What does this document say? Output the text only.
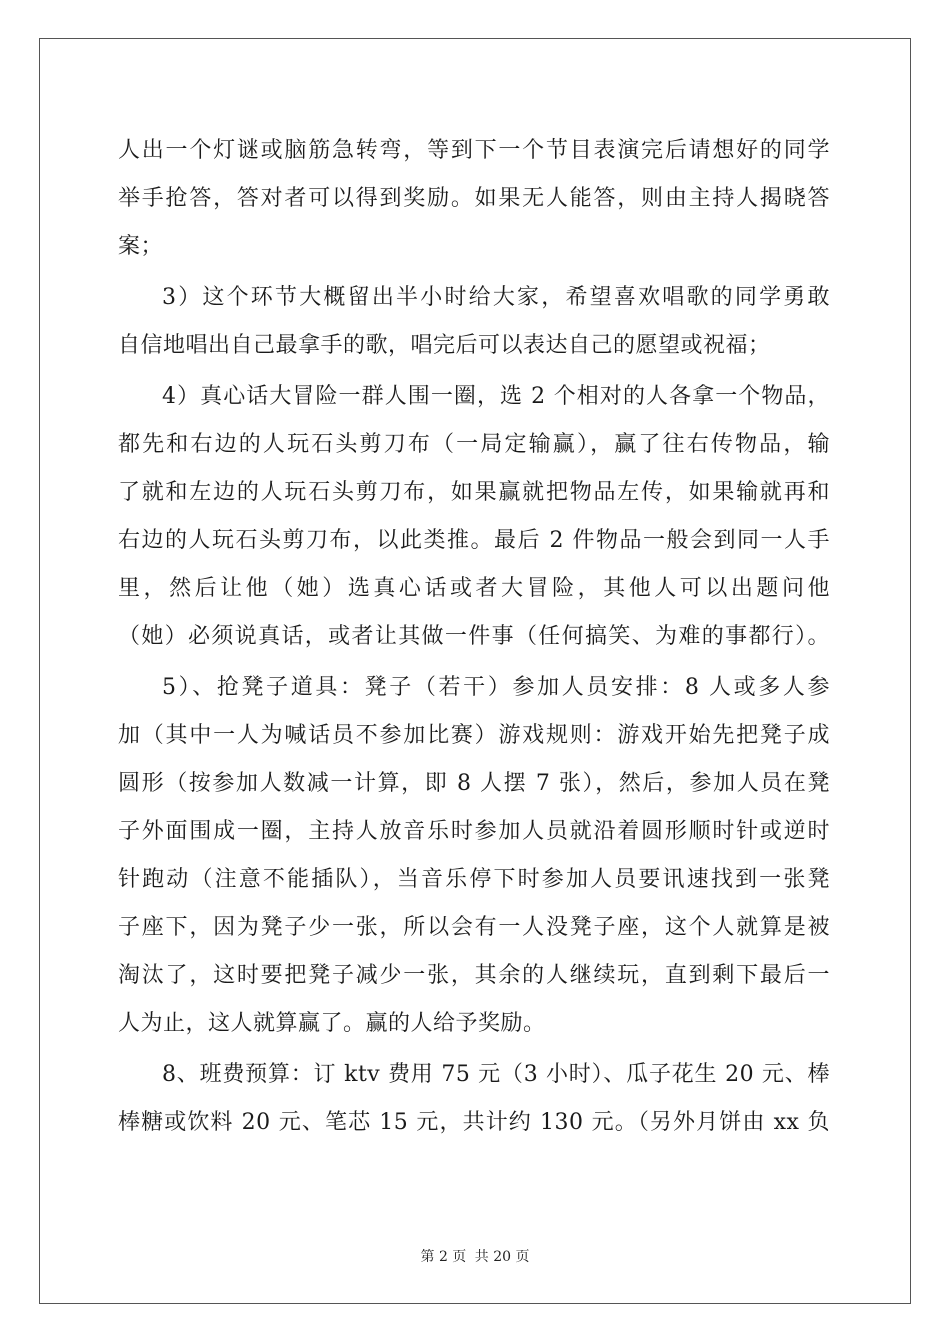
人出一个灯谜或脑筋急转弯，等到下一个节目表演完后请想好的同学
举手抢答，答对者可以得到奖励。如果无人能答，则由主持人揭晓答
案；
3）这个环节大概留出半小时给大家，希望喜欢唱歌的同学勇敢
自信地唱出自己最拿手的歌，唱完后可以表达自己的愿望或祝福；
4）真心话大冒险一群人围一圈，选 2 个相对的人各拿一个物品，
都先和右边的人玩石头剪刀布（一局定输赢），赢了往右传物品，输
了就和左边的人玩石头剪刀布，如果赢就把物品左传，如果输就再和
右边的人玩石头剪刀布，以此类推。最后 2 件物品一般会到同一人手
里，然后让他（她）选真心话或者大冒险，其他人可以出题问他
（她）必须说真话，或者让其做一件事（任何搞笑、为难的事都行）。
5）、抢凳子道具：凳子（若干）参加人员安排：8 人或多人参
加（其中一人为喊话员不参加比赛）游戏规则：游戏开始先把凳子成
圆形（按参加人数减一计算，即 8 人摆 7 张），然后，参加人员在凳
子外面围成一圈，主持人放音乐时参加人员就沿着圆形顺时针或逆时
针跑动（注意不能插队），当音乐停下时参加人员要讯速找到一张凳
子座下，因为凳子少一张，所以会有一人没凳子座，这个人就算是被
淘汰了，这时要把凳子减少一张，其余的人继续玩，直到剩下最后一
人为止，这人就算赢了。赢的人给予奖励。
8、班费预算：订 ktv 费用 75 元（3 小时）、瓜子花生 20 元、棒
棒糖或饮料 20 元、笔芯 15 元，共计约 130 元。（另外月饼由 xx 负
第 2 页 共 20 页
